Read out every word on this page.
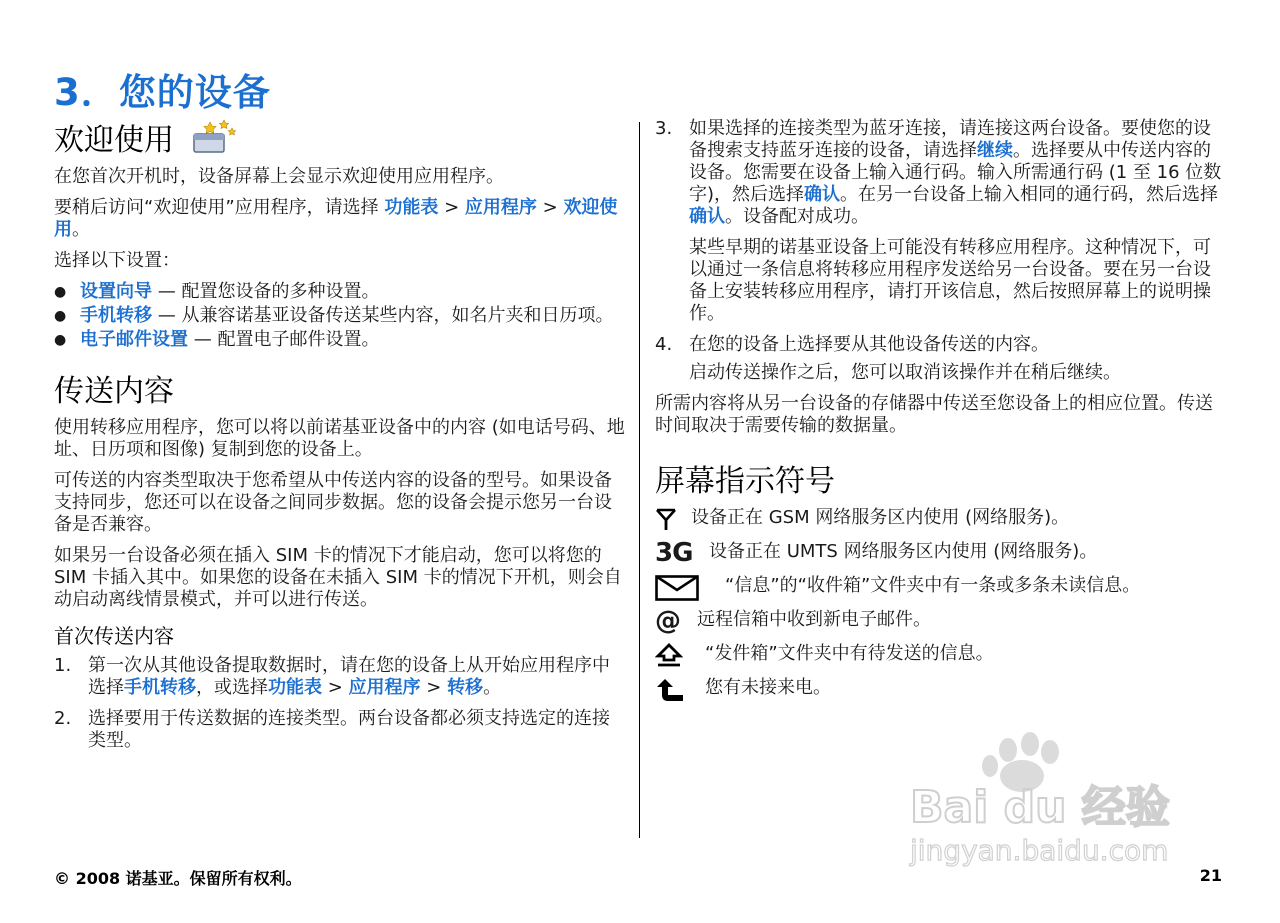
3．您的设备
欢迎使用

在您首次开机时，设备屏幕上会显示欢迎使用应用程序。

要稍后访问“欢迎使用”应用程序，请选择 功能表 > 应用程序 > 欢迎使用。

选择以下设置：

● 设置向导 — 配置您设备的多种设置。
● 手机转移 — 从兼容诺基亚设备传送某些内容，如名片夹和日历项。
● 电子邮件设置 — 配置电子邮件设置。
传送内容

使用转移应用程序，您可以将以前诺基亚设备中的内容 (如电话号码、地址、日历项和图像) 复制到您的设备上。

可传送的内容类型取决于您希望从中传送内容的设备的型号。如果设备支持同步，您还可以在设备之间同步数据。您的设备会提示您另一台设备是否兼容。

如果另一台设备必须在插入 SIM 卡的情况下才能启动，您可以将您的 SIM 卡插入其中。如果您的设备在未插入 SIM 卡的情况下开机，则会自动启动离线情景模式，并可以进行传送。

首次传送内容
1. 第一次从其他设备提取数据时，请在您的设备上从开始应用程序中选择手机转移，或选择功能表 > 应用程序 > 转移。
2. 选择要用于传送数据的连接类型。两台设备都必须支持选定的连接类型。
3. 如果选择的连接类型为蓝牙连接，请连接这两台设备。要使您的设备搜索支持蓝牙连接的设备，请选择继续。选择要从中传送内容的设备。您需要在设备上输入通行码。输入所需通行码 (1 至 16 位数字)，然后选择确认。在另一台设备上输入相同的通行码，然后选择确认。设备配对成功。

某些早期的诺基亚设备上可能没有转移应用程序。这种情况下，可以通过一条信息将转移应用程序发送给另一台设备。要在另一台设备上安装转移应用程序，请打开该信息，然后按照屏幕上的说明操作。

4. 在您的设备上选择要从其他设备传送的内容。

启动传送操作之后，您可以取消该操作并在稍后继续。

所需内容将从另一台设备的存储器中传送至您设备上的相应位置。传送时间取决于需要传输的数据量。

屏幕指示符号
设备正在 GSM 网络服务区内使用 (网络服务)。
3G 设备正在 UMTS 网络服务区内使用 (网络服务)。
“信息”的“收件箱”文件夹中有一条或多条未读信息。
@ 远程信箱中收到新电子邮件。
“发件箱”文件夹中有待发送的信息。
您有未接来电。
Bai du 经验
jingyan.baidu.com
© 2008 诺基亚。保留所有权利。	21
